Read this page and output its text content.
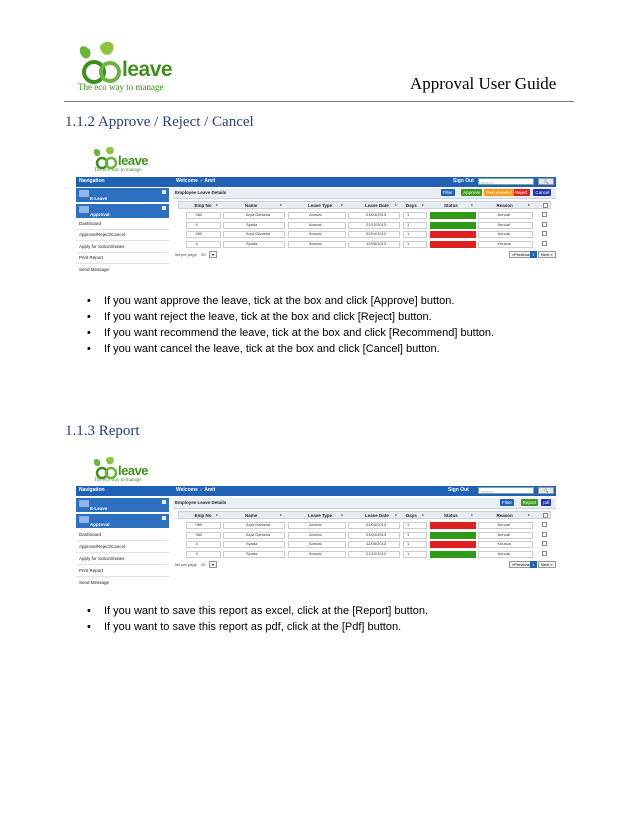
leave
The eco way to manage	Approval User Guide
1.1.2 Approve / Reject / Cancel
leave
The eco way to manage
Navigation	Welcome ♂ Amit	Sign Out	search	🔍
E-Leave
Approval
Dashboard
Approve/Reject/Cancel
Apply for Subordinates
Print Report
Send Message
Employee Leave Details	Cancel
Reject
Recommend
Approve
Filter
Emp No ♦	Name	♦	Leave Type	♦	Leave Date ♦ Days ♦	Status	♦	Reason	♦
060	Arya Danisha	Annual	03/04/2013	1	Annual
4	Syada	Annual	21/10/2013	1	Annual
060	Arya Danisha	Annual	02/04/2013	1	Annual
4	Syada	Annual	12/06/2013	1	Khusus
list per page 20	▾	«Previous 1	Next »
• If you want approve the leave, tick at the box and click [Approve] button.
• If you want reject the leave, tick at the box and click [Reject] button.
• If you want recommend the leave, tick at the box and click [Recommend] button.
• If you want cancel the leave, tick at the box and click [Cancel] button.
1.1.3 Report
leave
The eco way to manage
Navigation	Welcome ♂ Amit	Sign Out	search	🔍
E-Leave
Approval
Dashboard
Approve/Reject/Cancel
Apply for Subordinates
Print Report
Send Message
Employee Leave Details	pdf
Report
Filter
Emp No ♦	Name	♦	Leave Type	♦	Leave Date ♦ Days ♦	Status	♦	Reason	♦
060	Arya Danisha	Annual	02/04/2013	1	Annual
060	Arya Danisha	Annual	03/04/2013	1	Annual
4	Syada	Annual	12/06/2013	1	Khusus
4	Syada	Annual	21/10/2013	1	Annual
list per page 20	▾	«Previous 1	Next »
• If you want to save this report as excel, click at the [Report] button.
• If you want to save this report as pdf, click at the [Pdf] button.
